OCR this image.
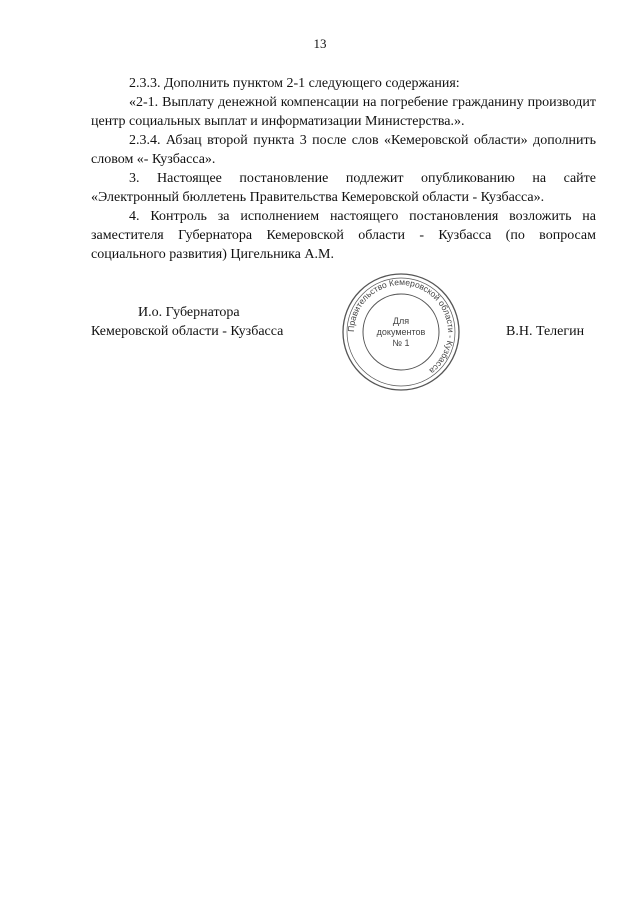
13

2.3.3. Дополнить пунктом 2-1 следующего содержания:

«2-1. Выплату денежной компенсации на погребение гражданину производит центр социальных выплат и информатизации Министерства.».

2.3.4. Абзац второй пункта 3 после слов «Кемеровской области» дополнить словом «- Кузбасса».

3. Настоящее постановление подлежит опубликованию на сайте «Электронный бюллетень Правительства Кемеровской области - Кузбасса».

4. Контроль за исполнением настоящего постановления возложить на заместителя Губернатора Кемеровской области - Кузбасса (по вопросам социального развития) Цигельника А.М.

И.о. Губернатора
Кемеровской области - Кузбасса	Правительство Кемеровской области - Кузбасса
Для
документов
№ 1
В.Н. Телегин
